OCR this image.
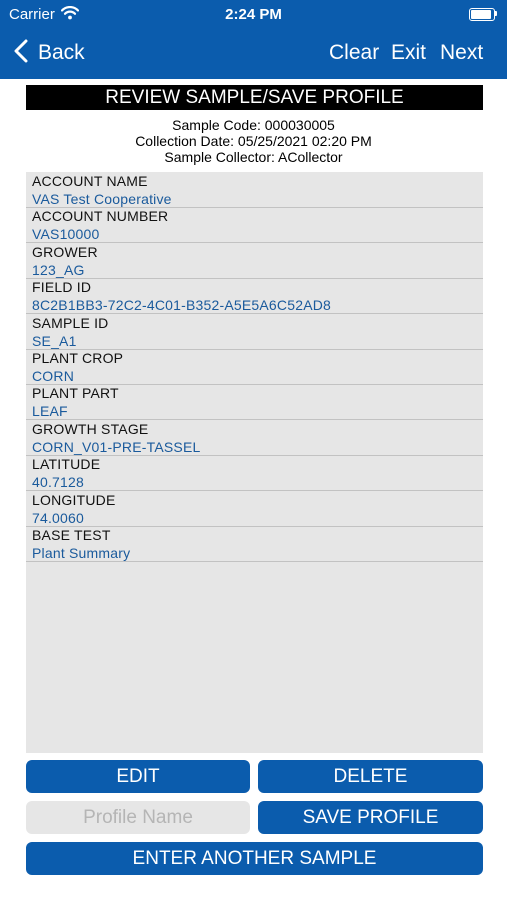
Carrier	2:24 PM
Back	Clear Exit Next
REVIEW SAMPLE/SAVE PROFILE
Sample Code: 000030005
Collection Date: 05/25/2021 02:20 PM
Sample Collector: ACollector
ACCOUNT NAME
VAS Test Cooperative
ACCOUNT NUMBER
VAS10000
GROWER
123_AG
FIELD ID
8C2B1BB3-72C2-4C01-B352-A5E5A6C52AD8
SAMPLE ID
SE_A1
PLANT CROP
CORN
PLANT PART
LEAF
GROWTH STAGE
CORN_V01-PRE-TASSEL
LATITUDE
40.7128
LONGITUDE
74.0060
BASE TEST
Plant Summary
EDIT	DELETE
Profile Name
SAVE PROFILE
ENTER ANOTHER SAMPLE
